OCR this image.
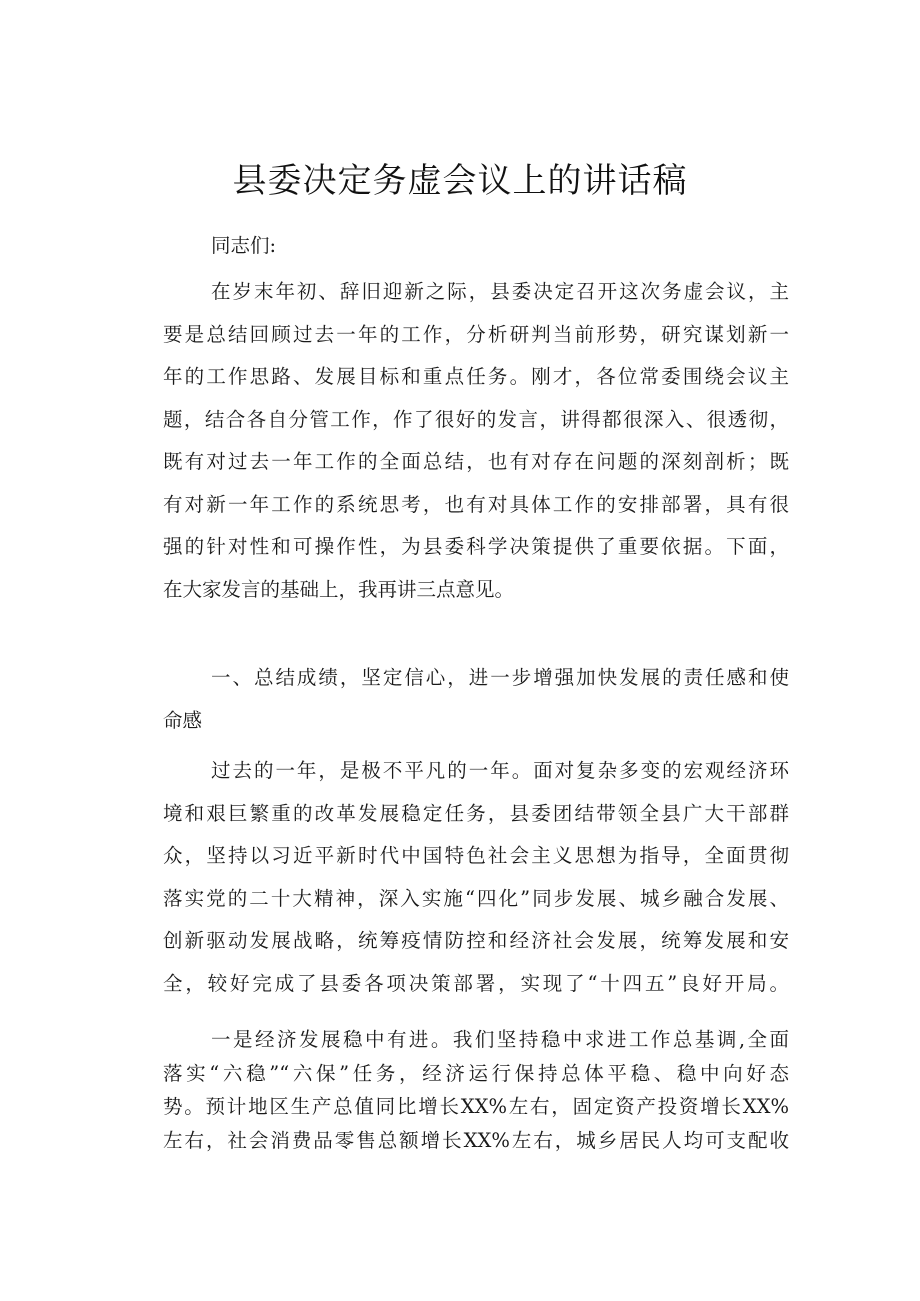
县委决定务虚会议上的讲话稿

同志们:

在岁末年初、辞旧迎新之际，县委决定召开这次务虚会议，主
要是总结回顾过去一年的工作，分析研判当前形势，研究谋划新一
年的工作思路、发展目标和重点任务。刚才，各位常委围绕会议主
题，结合各自分管工作，作了很好的发言，讲得都很深入、很透彻，
既有对过去一年工作的全面总结，也有对存在问题的深刻剖析；既
有对新一年工作的系统思考，也有对具体工作的安排部署，具有很
强的针对性和可操作性，为县委科学决策提供了重要依据。下面，
在大家发言的基础上，我再讲三点意见。
一、总结成绩，坚定信心，进一步增强加快发展的责任感和使
命感
过去的一年，是极不平凡的一年。面对复杂多变的宏观经济环
境和艰巨繁重的改革发展稳定任务，县委团结带领全县广大干部群
众，坚持以习近平新时代中国特色社会主义思想为指导，全面贯彻
落实党的二十大精神，深入实施“四化”同步发展、城乡融合发展、
创新驱动发展战略，统筹疫情防控和经济社会发展，统筹发展和安
全，较好完成了县委各项决策部署，实现了“十四五”良好开局。
一是经济发展稳中有进。我们坚持稳中求进工作总基调,全面
落实“六稳”“六保”任务，经济运行保持总体平稳、稳中向好态
势。预计地区生产总值同比增长XX%左右，固定资产投资增长XX%
左右，社会消费品零售总额增长XX%左右，城乡居民人均可支配收
